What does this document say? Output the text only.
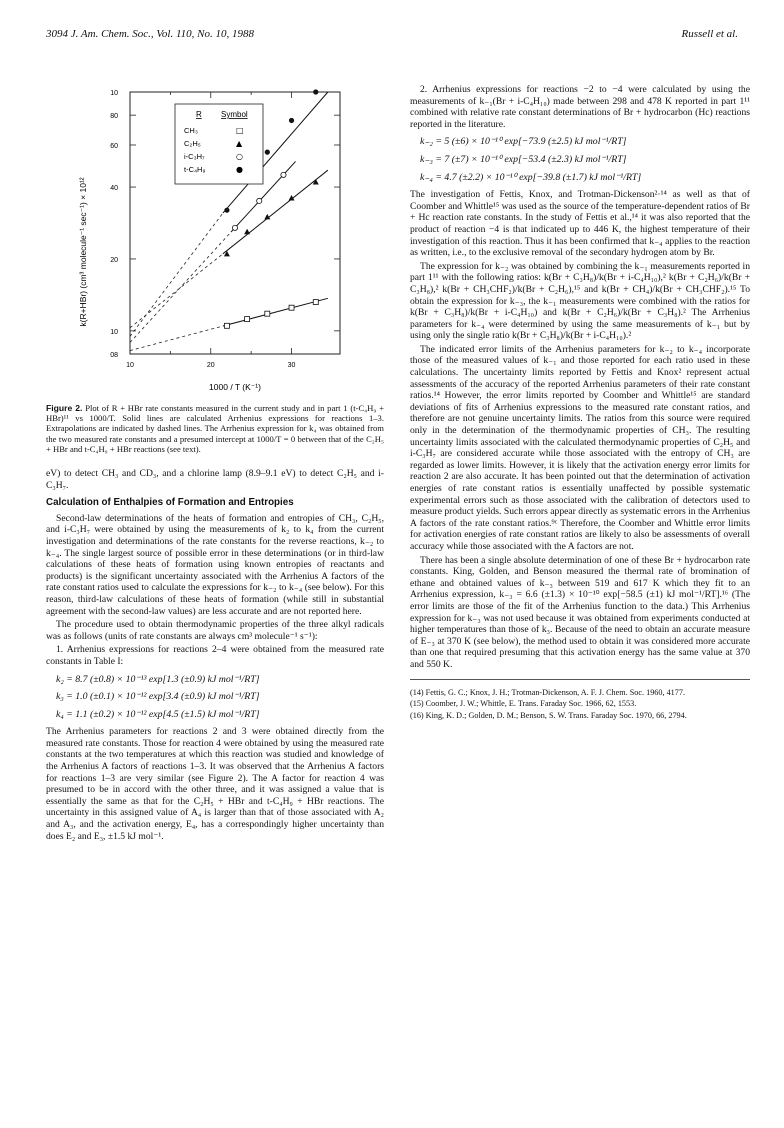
3094 J. Am. Chem. Soc., Vol. 110, No. 10, 1988	Russell et al.
10
80
60
40
20
10
08
10	20	30
k(R+HBr) (cm³ molecule⁻¹ sec⁻¹) × 10¹²
1000 / T (K⁻¹)
R Symbol
CH₃	□
C₂H₅	▲
i-C₃H₇	○
t-C₄H₉	●
Figure 2. Plot of R + HBr rate constants measured in the current study and in part 1 (t-C₄H₉ + HBr)¹¹ vs 1000/T. Solid lines are calculated Arrhenius expressions for reactions 1–3. Extrapolations are indicated by dashed lines. The Arrhenius expression for k₄ was obtained from the two measured rate constants and a presumed intercept at 1000/T = 0 between that of the C₂H₅ + HBr and t-C₄H₉ + HBr reactions (see text).

eV) to detect CH₃ and CD₃, and a chlorine lamp (8.9–9.1 eV) to detect C₂H₅ and i-C₃H₇.

Calculation of Enthalpies of Formation and Entropies

Second-law determinations of the heats of formation and entropies of CH₃, C₂H₅, and i-C₃H₇ were obtained by using the measurements of k₂ to k₄ from the current investigation and determinations of the rate constants for the reverse reactions, k₋₂ to k₋₄. The single largest source of possible error in these determinations (or in third-law calculations of these heats of formation using known entropies of reactants and products) is the significant uncertainty associated with the Arrhenius A factors of the rate constant ratios used to calculate the expressions for k₋₂ to k₋₄ (see below). For this reason, third-law calculations of these heats of formation (while still in substantial agreement with the second-law values) are less accurate and are not reported here.

The procedure used to obtain thermodynamic properties of the three alkyl radicals was as follows (units of rate constants are always cm³ molecule⁻¹ s⁻¹):

1. Arrhenius expressions for reactions 2–4 were obtained from the measured rate constants in Table I:

k₂ = 8.7 (±0.8) × 10⁻¹³ exp[1.3 (±0.9) kJ mol⁻¹/RT]
k₃ = 1.0 (±0.1) × 10⁻¹² exp[3.4 (±0.9) kJ mol⁻¹/RT]
k₄ = 1.1 (±0.2) × 10⁻¹² exp[4.5 (±1.5) kJ mol⁻¹/RT]

The Arrhenius parameters for reactions 2 and 3 were obtained directly from the measured rate constants. Those for reaction 4 were obtained by using the measured rate constants at the two temperatures at which this reaction was studied and knowledge of the Arrhenius A factors of reactions 1–3. It was observed that the Arrhenius A factors for reactions 1–3 are very similar (see Figure 2). The A factor for reaction 4 was presumed to be in accord with the other three, and it was assigned a value that is essentially the same as that for the C₂H₅ + HBr and t-C₄H₉ + HBr reactions. The uncertainty in this assigned value of A₄ is larger than that of those associated with A₂ and A₃, and the activation energy, E₄, has a correspondingly higher uncertainty than does E₂ and E₃, ±1.5 kJ mol⁻¹.

2. Arrhenius expressions for reactions −2 to −4 were calculated by using the measurements of k₋₁(Br + i-C₄H₁₀) made between 298 and 478 K reported in part 1¹¹ combined with relative rate constant determinations of Br + hydrocarbon (Hc) reactions reported in the literature.

k₋₂ = 5 (±6) × 10⁻¹⁰ exp[−73.9 (±2.5) kJ mol⁻¹/RT]
k₋₃ = 7 (±7) × 10⁻¹⁰ exp[−53.4 (±2.3) kJ mol⁻¹/RT]
k₋₄ = 4.7 (±2.2) × 10⁻¹⁰ exp[−39.8 (±1.7) kJ mol⁻¹/RT]

The investigation of Fettis, Knox, and Trotman-Dickenson²·¹⁴ as well as that of Coomber and Whittle¹⁵ was used as the source of the temperature-dependent ratios of Br + Hc reaction rate constants. In the study of Fettis et al.,¹⁴ it was also reported that the product of reaction −4 is that indicated up to 446 K, the highest temperature of their investigation of this reaction. Thus it has been confirmed that k₋₄ applies to the reaction as written, i.e., to the exclusive removal of the secondary hydrogen atom by Br.

The expression for k₋₂ was obtained by combining the k₋₁ measurements reported in part 1¹¹ with the following ratios: k(Br + C₃H₈)/k(Br + i-C₄H₁₀),² k(Br + C₂H₆)/k(Br + C₃H₈),² k(Br + CH₃CHF₂)/k(Br + C₂H₆),¹⁵ and k(Br + CH₄)/k(Br + CH₃CHF₂).¹⁵ To obtain the expression for k₋₃, the k₋₁ measurements were combined with the ratios for k(Br + C₃H₈)/k(Br + i-C₄H₁₀) and k(Br + C₂H₆)/k(Br + C₃H₈).² The Arrhenius parameters for k₋₄ were determined by using the same measurements of k₋₁ but by using only the single ratio k(Br + C₃H₈)/k(Br + i-C₄H₁₀).²

The indicated error limits of the Arrhenius parameters for k₋₂ to k₋₄ incorporate those of the measured values of k₋₁ and those reported for each ratio used in these calculations. The uncertainty limits reported by Fettis and Knox² represent actual assessments of the accuracy of the reported Arrhenius parameters of their rate constant ratios.¹⁴ However, the error limits reported by Coomber and Whittle¹⁵ are standard deviations of fits of Arrhenius expressions to the measured rate constant ratios, and therefore are not genuine uncertainty limits. The ratios from this source were required only in the determination of the thermodynamic properties of CH₃. The resulting uncertainty limits associated with the calculated thermodynamic properties of C₂H₅ and i-C₃H₇ are considered accurate while those associated with the entropy of CH₃ are regarded as lower limits. However, it is likely that the activation energy error limits for reaction 2 are also accurate. It has been pointed out that the determination of activation energies of rate constant ratios is essentially unaffected by possible systematic experimental errors such as those associated with the calibration of detectors used to measure product yields. Such errors appear directly as systematic errors in the Arrhenius A factors of the rate constant ratios.⁹ᶜ Therefore, the Coomber and Whittle error limits for activation energies of rate constant ratios are likely to also be assessments of overall accuracy while those associated with the A factors are not.

There has been a single absolute determination of one of these Br + hydrocarbon rate constants. King, Golden, and Benson measured the thermal rate of bromination of ethane and obtained values of k₋₃ between 519 and 617 K which they fit to an Arrhenius expression, k₋₃ = 6.6 (±1.3) × 10⁻¹⁰ exp[−58.5 (±1) kJ mol⁻¹/RT].¹⁶ (The error limits are those of the fit of the Arrhenius function to the data.) This Arrhenius expression for k₋₃ was not used because it was obtained from experiments conducted at higher temperatures than those of k₃. Because of the need to obtain an accurate measure of E₋₃ at 370 K (see below), the method used to obtain it was considered more accurate than one that required presuming that this activation energy has the same value at 370 and 550 K.

(14) Fettis, G. C.; Knox, J. H.; Trotman-Dickenson, A. F. J. Chem. Soc. 1960, 4177.
(15) Coomber, J. W.; Whittle, E. Trans. Faraday Soc. 1966, 62, 1553.
(16) King, K. D.; Golden, D. M.; Benson, S. W. Trans. Faraday Soc. 1970, 66, 2794.
